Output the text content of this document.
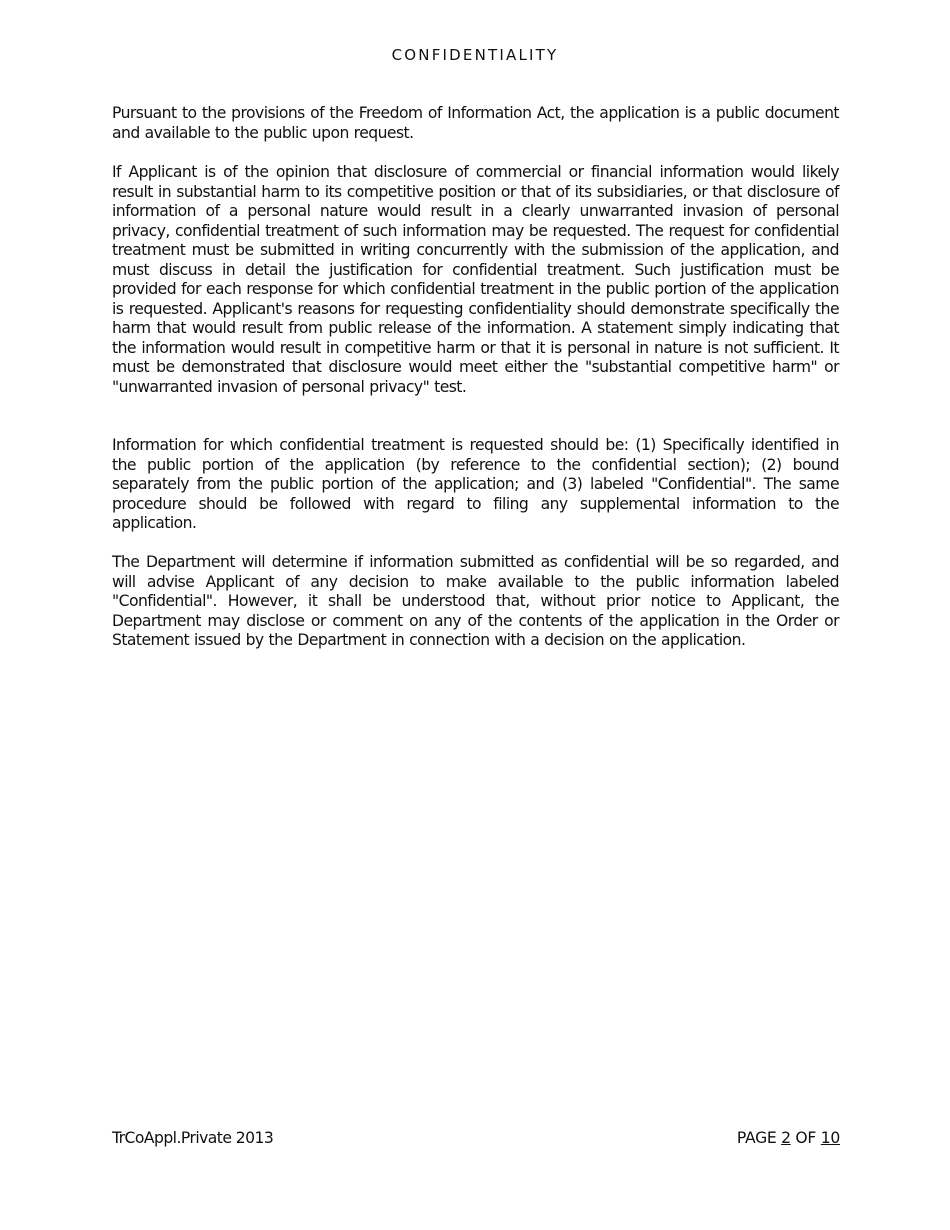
CONFIDENTIALITY

Pursuant to the provisions of the Freedom of Information Act, the application is a public document and available to the public upon request.

If Applicant is of the opinion that disclosure of commercial or financial information would likely result in substantial harm to its competitive position or that of its subsidiaries, or that disclosure of information of a personal nature would result in a clearly unwarranted invasion of personal privacy, confidential treatment of such information may be requested. The request for confidential treatment must be submitted in writing concurrently with the submission of the application, and must discuss in detail the justification for confidential treatment. Such justification must be provided for each response for which confidential treatment in the public portion of the application is requested. Applicant's reasons for requesting confidentiality should demonstrate specifically the harm that would result from public release of the information. A statement simply indicating that the information would result in competitive harm or that it is personal in nature is not sufficient. It must be demonstrated that disclosure would meet either the "substantial competitive harm" or "unwarranted invasion of personal privacy" test.

Information for which confidential treatment is requested should be: (1) Specifically identified in the public portion of the application (by reference to the confidential section); (2) bound separately from the public portion of the application; and (3) labeled "Confidential". The same procedure should be followed with regard to filing any supplemental information to the application.

The Department will determine if information submitted as confidential will be so regarded, and will advise Applicant of any decision to make available to the public information labeled "Confidential". However, it shall be understood that, without prior notice to Applicant, the Department may disclose or comment on any of the contents of the application in the Order or Statement issued by the Department in connection with a decision on the application.

TrCoAppl.Private 2013	PAGE 2 OF 10
